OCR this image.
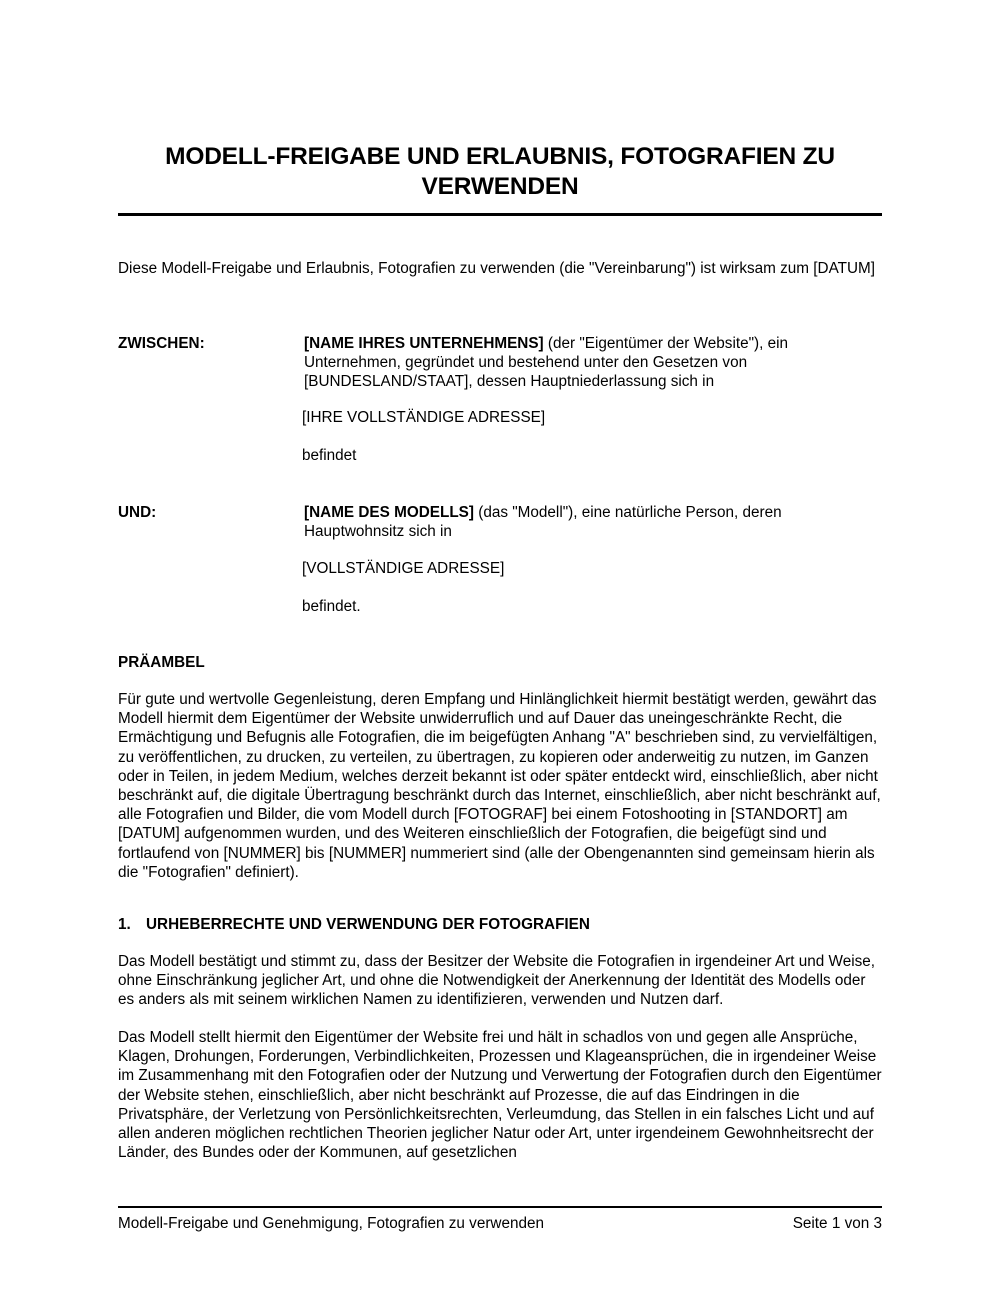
MODELL-FREIGABE UND ERLAUBNIS, FOTOGRAFIEN ZU
VERWENDEN
Diese Modell-Freigabe und Erlaubnis, Fotografien zu verwenden (die "Vereinbarung") ist wirksam zum [DATUM]
ZWISCHEN:	[NAME IHRES UNTERNEHMENS] (der "Eigentümer der Website"), ein Unternehmen, gegründet und bestehend unter den Gesetzen von [BUNDESLAND/STAAT], dessen Hauptniederlassung sich in
[IHRE VOLLSTÄNDIGE ADRESSE]
befindet
UND:	[NAME DES MODELLS] (das "Modell"), eine natürliche Person, deren Hauptwohnsitz sich in
[VOLLSTÄNDIGE ADRESSE]
befindet.
PRÄAMBEL
Für gute und wertvolle Gegenleistung, deren Empfang und Hinlänglichkeit hiermit bestätigt werden, gewährt das Modell hiermit dem Eigentümer der Website unwiderruflich und auf Dauer das uneingeschränkte Recht, die Ermächtigung und Befugnis alle Fotografien, die im beigefügten Anhang "A" beschrieben sind, zu vervielfältigen, zu veröffentlichen, zu drucken, zu verteilen, zu übertragen, zu kopieren oder anderweitig zu nutzen, im Ganzen oder in Teilen, in jedem Medium, welches derzeit bekannt ist oder später entdeckt wird, einschließlich, aber nicht beschränkt auf, die digitale Übertragung beschränkt durch das Internet, einschließlich, aber nicht beschränkt auf, alle Fotografien und Bilder, die vom Modell durch [FOTOGRAF] bei einem Fotoshooting in [STANDORT] am [DATUM] aufgenommen wurden, und des Weiteren einschließlich der Fotografien, die beigefügt sind und fortlaufend von [NUMMER] bis [NUMMER] nummeriert sind (alle der Obengenannten sind gemeinsam hierin als die "Fotografien" definiert).
1. URHEBERRECHTE UND VERWENDUNG DER FOTOGRAFIEN
Das Modell bestätigt und stimmt zu, dass der Besitzer der Website die Fotografien in irgendeiner Art und Weise, ohne Einschränkung jeglicher Art, und ohne die Notwendigkeit der Anerkennung der Identität des Modells oder es anders als mit seinem wirklichen Namen zu identifizieren, verwenden und Nutzen darf.
Das Modell stellt hiermit den Eigentümer der Website frei und hält in schadlos von und gegen alle Ansprüche, Klagen, Drohungen, Forderungen, Verbindlichkeiten, Prozessen und Klageansprüchen, die in irgendeiner Weise im Zusammenhang mit den Fotografien oder der Nutzung und Verwertung der Fotografien durch den Eigentümer der Website stehen, einschließlich, aber nicht beschränkt auf Prozesse, die auf das Eindringen in die Privatsphäre, der Verletzung von Persönlichkeitsrechten, Verleumdung, das Stellen in ein falsches Licht und auf allen anderen möglichen rechtlichen Theorien jeglicher Natur oder Art, unter irgendeinem Gewohnheitsrecht der Länder, des Bundes oder der Kommunen, auf gesetzlichen
Modell-Freigabe und Genehmigung, Fotografien zu verwenden	Seite 1 von 3
